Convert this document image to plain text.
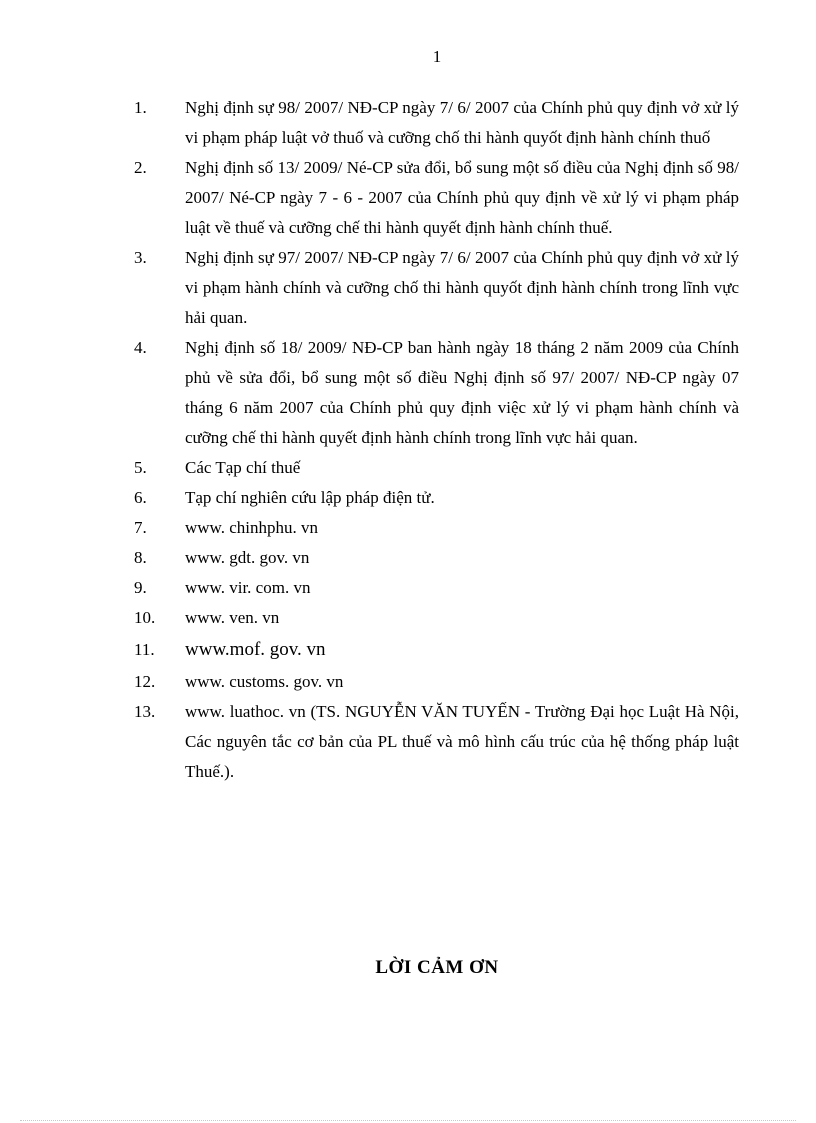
1
1.	Nghị định sự 98/ 2007/ NĐ-CP ngày 7/ 6/ 2007 của Chính phủ quy định vở xử lý vi phạm pháp luật vở thuố và cưỡng chố thi hành quyốt định hành chính thuố
2.	Nghị định số 13/ 2009/ Né-CP sửa đổi, bổ sung một số điều của Nghị định số 98/ 2007/ Né-CP ngày 7 - 6 - 2007 của Chính phủ quy định về xử lý vi phạm pháp luật về thuế và cưỡng chế thi hành quyết định hành chính thuế.
3.	Nghị định sự 97/ 2007/ NĐ-CP ngày 7/ 6/ 2007 của Chính phủ quy định vở xử lý vi phạm hành chính và cưỡng chố thi hành quyốt định hành chính trong lĩnh vực hải quan.
4.	Nghị định số 18/ 2009/ NĐ-CP ban hành ngày 18 tháng 2 năm 2009 của Chính phủ về sửa đổi, bổ sung một số điều Nghị định số 97/ 2007/ NĐ-CP ngày 07 tháng 6 năm 2007 của Chính phủ quy định việc xử lý vi phạm hành chính và cưỡng chế thi hành quyết định hành chính trong lĩnh vực hải quan.
5.	Các Tạp chí thuế
6.	Tạp chí nghiên cứu lập pháp điện tử.
7.	www. chinhphu. vn
8.	www. gdt. gov. vn
9.	www. vir. com. vn
10.	www. ven. vn
11.	www.mof. gov. vn
12.	www. customs. gov. vn
13.	www. luathoc. vn (TS. NGUYỄN VĂN TUYẾN - Trường Đại học Luật Hà Nội, Các nguyên tắc cơ bản của PL thuế và mô hình cấu trúc của hệ thống pháp luật Thuế.).
LỜI CẢM ƠN
